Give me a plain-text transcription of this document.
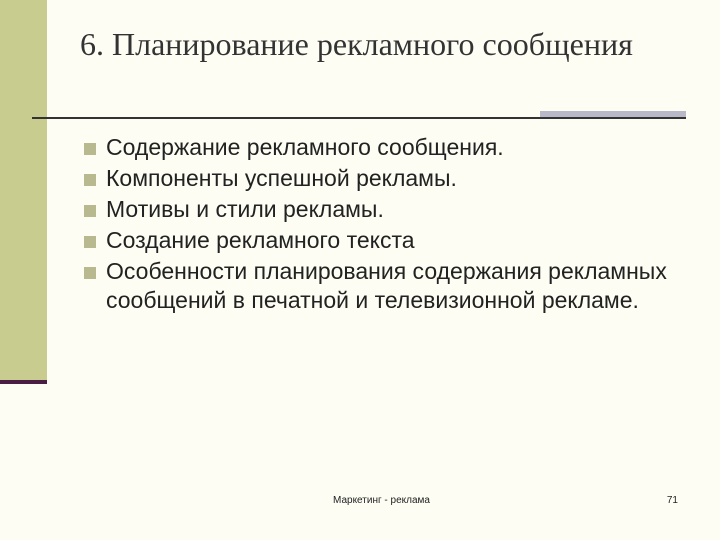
6. Планирование рекламного сообщения
Содержание рекламного сообщения.
Компоненты успешной рекламы.
Мотивы и стили рекламы.
Создание рекламного текста
Особенности планирования содержания рекламных сообщений в печатной и телевизионной рекламе.
Маркетинг - реклама	71
